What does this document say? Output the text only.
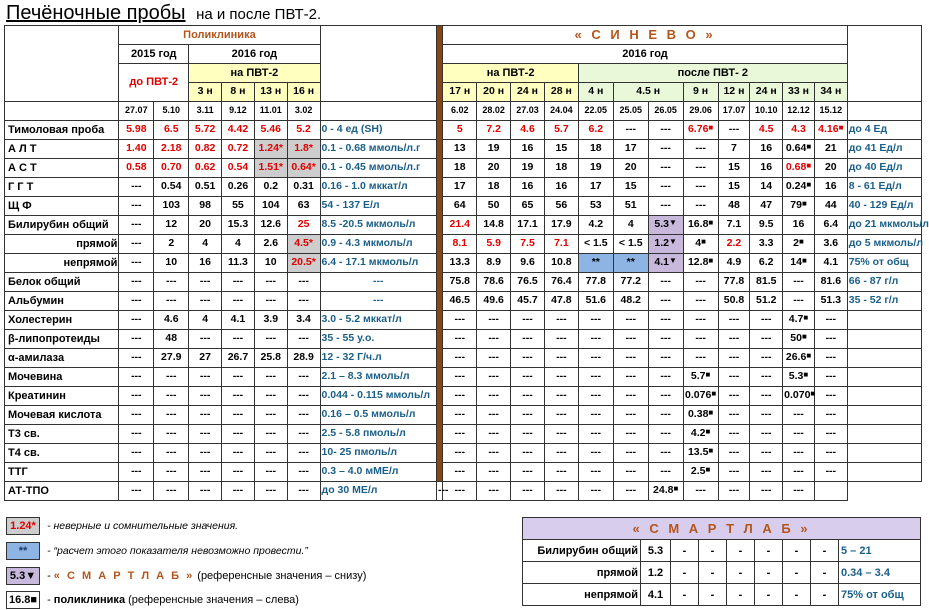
Печёночные пробы на и после ПВТ-2.
	Поликлиника								« С И Н Е В О »												
	2015 год		2016 год						2016 год												
	до ПВТ-2		на ПВТ-2						на ПВТ-2				после ПВТ- 2								
			3 н	8 н	13 н	16 н			17 н	20 н	24 н	28 н	4 н	4.5 н		9 н	12 н	24 н	33 н	34 н	
	27.07	5.10	3.11	9.12	11.01	3.02			6.02	28.02	27.03	24.04	22.05	25.05	26.05	29.06	17.07	10.10	12.12	15.12	
Тимоловая проба	5.98	6.5	5.72	4.42	5.46	5.2	0 - 4 ед (SH)		5	7.2	4.6	5.7	6.2	---	---	6.76■	---	4.5	4.3	4.16■	до 4 Ед
А Л Т	1.40	2.18	0.82	0.72	1.24*	1.8*	0.1 - 0.68 ммоль/л.г		13	19	16	15	18	17	---	---	7	16	0.64■	21	до 41 Ед/л
А С Т	0.58	0.70	0.62	0.54	1.51*	0.64*	0.1 - 0.45 ммоль/л.г		18	20	19	18	19	20	---	---	15	16	0.68■	20	до 40 Ед/л
Г Г Т	---	0.54	0.51	0.26	0.2	0.31	0.16 - 1.0 мккат/л		17	18	16	16	17	15	---	---	15	14	0.24■	16	8 - 61 Ед/л
Щ Ф	---	103	98	55	104	63	54 - 137 Е/л		64	50	65	56	53	51	---	---	48	47	79■	44	40 - 129 Ед/л
Билирубин общий	---	12	20	15.3	12.6	25	8.5 -20.5 мкмоль/л		21.4	14.8	17.1	17.9	4.2	4	5.3▼	16.8■	7.1	9.5	16	6.4	до 21 мкмоль/л
прямой	---	2	4	4	2.6	4.5*	0.9 - 4.3 мкмоль/л		8.1	5.9	7.5	7.1	< 1.5	< 1.5	1.2▼	4■	2.2	3.3	2■	3.6	до 5 мкмоль/л
непрямой	---	10	16	11.3	10	20.5*	6.4 - 17.1 мкмоль/л		13.3	8.9	9.6	10.8	**	**	4.1▼	12.8■	4.9	6.2	14■	4.1	75% от общ
Белок общий	---	---	---	---	---	---	---		75.8	78.6	76.5	76.4	77.8	77.2	---	---	77.8	81.5	---	81.6	66 - 87 г/л
Альбумин	---	---	---	---	---	---	---		46.5	49.6	45.7	47.8	51.6	48.2	---	---	50.8	51.2	---	51.3	35 - 52 г/л
Холестерин	---	4.6	4	4.1	3.9	3.4	3.0 - 5.2 мккат/л		---	---	---	---	---	---	---	---	---	---	4.7■	---	
β-липопротеиды	---	48	---	---	---	---	35 - 55 у.о.		---	---	---	---	---	---	---	---	---	---	50■	---	
α-амилаза	---	27.9	27	26.7	25.8	28.9	12 - 32 Г/ч.л		---	---	---	---	---	---	---	---	---	---	26.6■	---	
Мочевина	---	---	---	---	---	---	2.1 – 8.3 ммоль/л		---	---	---	---	---	---	---	5.7■	---	---	5.3■	---	
Креатинин	---	---	---	---	---	---	0.044 - 0.115 ммоль/л		---	---	---	---	---	---	---	0.076■	---	---	0.070■	---	
Мочевая кислота	---	---	---	---	---	---	0.16 – 0.5 ммоль/л		---	---	---	---	---	---	---	0.38■	---	---	---	---	
Т3 св.	---	---	---	---	---	---	2.5 - 5.8 пмоль/л		---	---	---	---	---	---	---	4.2■	---	---	---	---	
Т4 св.	---	---	---	---	---	---	10- 25 пмоль/л		---	---	---	---	---	---	---	13.5■	---	---	---	---	
ТТГ	---	---	---	---	---	---	0.3 – 4.0 мМЕ/л		---	---	---	---	---	---	---	2.5■	---	---	---	---	
АТ-ТПО	---	---	---	---	---	---	до 30 МЕ/л	---	---	---	---	---	---	---	24.8■	---	---	---	---		
1.24* - неверные и сомнительные значения.
** - “расчет этого показателя невозможно провести.”
5.3▼ - « С М А Р Т Л А Б » (референсные значения – снизу)
16.8■ - поликлиника (референсные значения – слева)
« С М А Р Т Л А Б »								
Билирубин общий	5.3	-	-	-	-	-	-	5 – 21
прямой	1.2	-	-	-	-	-	-	0.34 – 3.4
непрямой	4.1	-	-	-	-	-	-	75% от общ
